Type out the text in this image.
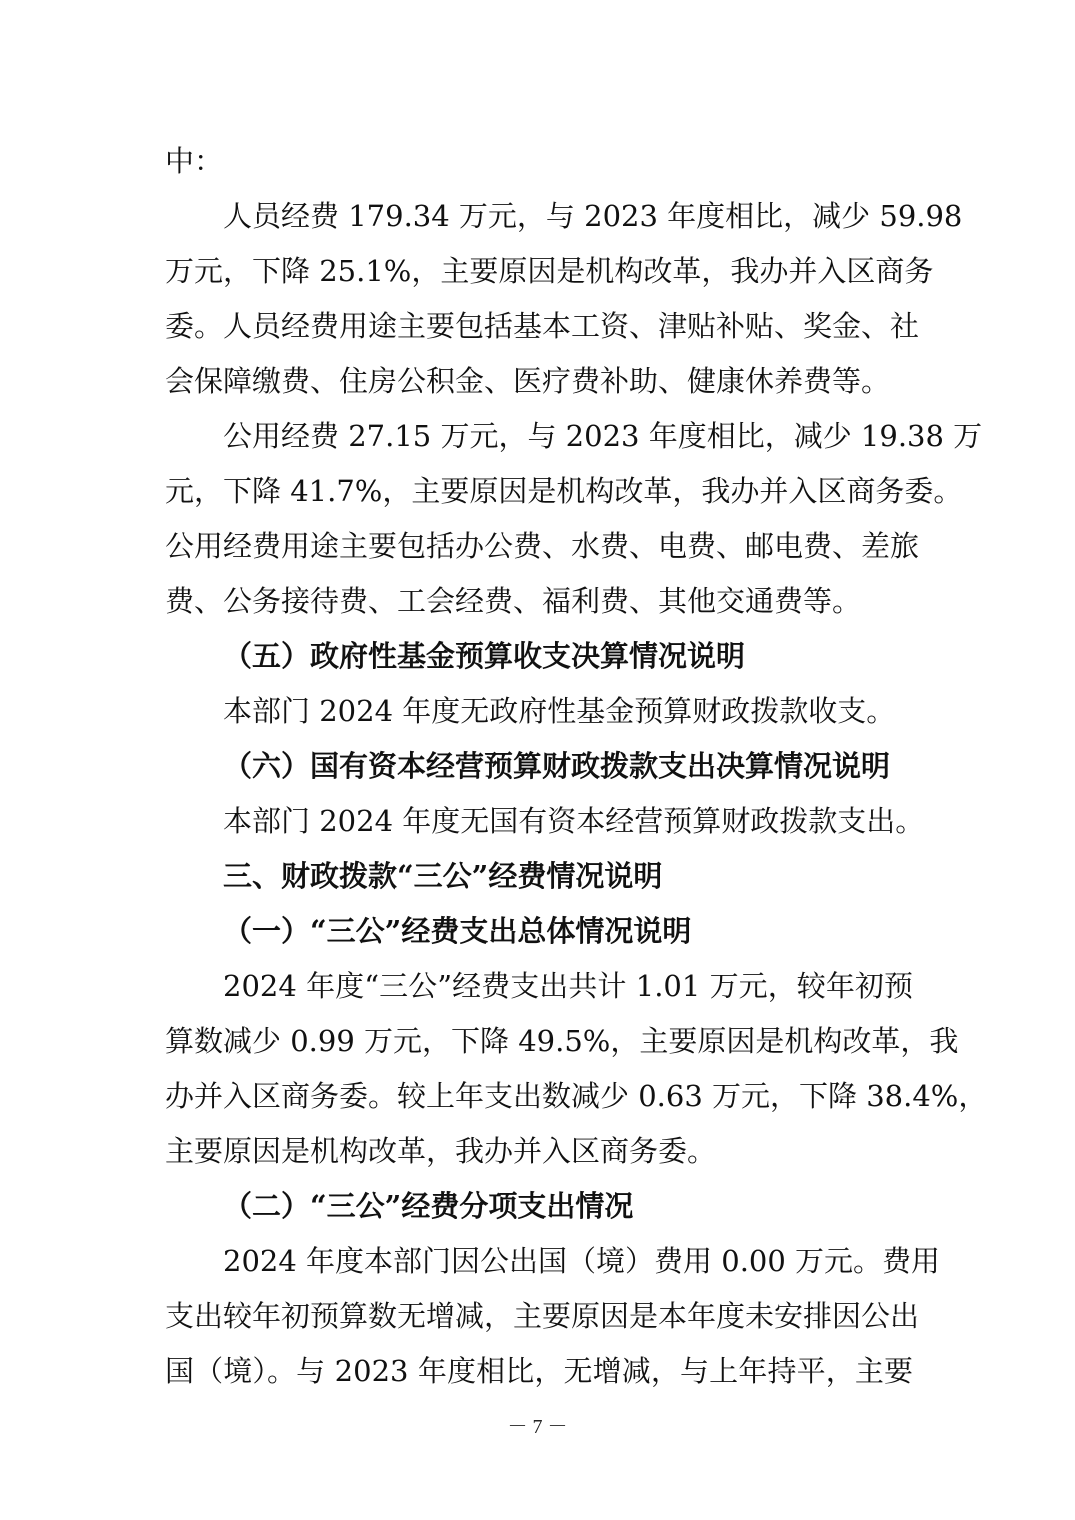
中：
人员经费 179.34 万元，与 2023 年度相比，减少 59.98
万元，下降 25.1%，主要原因是机构改革，我办并入区商务
委。人员经费用途主要包括基本工资、津贴补贴、奖金、社
会保障缴费、住房公积金、医疗费补助、健康休养费等。
公用经费 27.15 万元，与 2023 年度相比，减少 19.38 万
元，下降 41.7%，主要原因是机构改革，我办并入区商务委。
公用经费用途主要包括办公费、水费、电费、邮电费、差旅
费、公务接待费、工会经费、福利费、其他交通费等。
（五）政府性基金预算收支决算情况说明
本部门 2024 年度无政府性基金预算财政拨款收支。
（六）国有资本经营预算财政拨款支出决算情况说明
本部门 2024 年度无国有资本经营预算财政拨款支出。
三、财政拨款“三公”经费情况说明
（一）“三公”经费支出总体情况说明
2024 年度“三公”经费支出共计 1.01 万元，较年初预
算数减少 0.99 万元，下降 49.5%，主要原因是机构改革，我
办并入区商务委。较上年支出数减少 0.63 万元，下降 38.4%，
主要原因是机构改革，我办并入区商务委。
（二）“三公”经费分项支出情况
2024 年度本部门因公出国（境）费用 0.00 万元。费用
支出较年初预算数无增减，主要原因是本年度未安排因公出
国（境）。与 2023 年度相比，无增减，与上年持平，主要
－ 7 －
